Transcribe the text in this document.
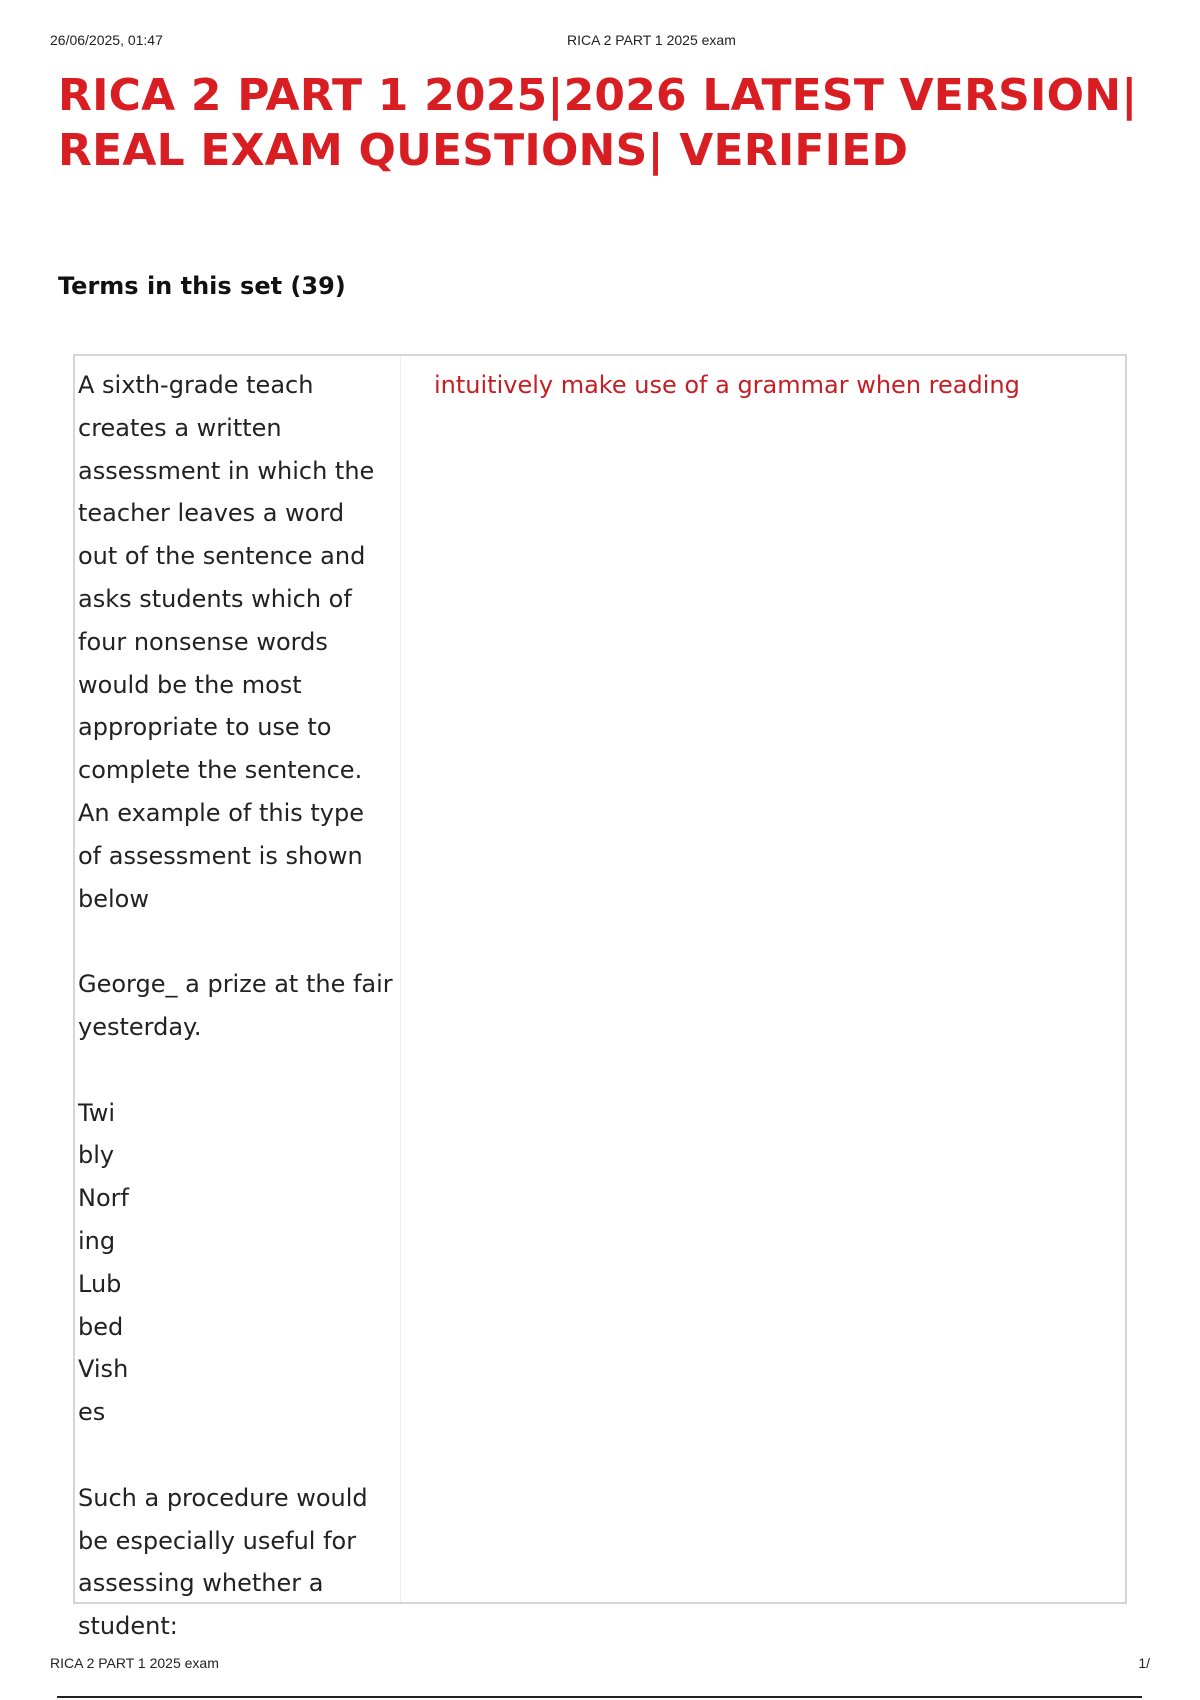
26/06/2025, 01:47	RICA 2 PART 1 2025 exam
RICA 2 PART 1 2025|2026 LATEST VERSION|
REAL EXAM QUESTIONS| VERIFIED
Terms in this set (39)
A sixth-grade teach
creates a written
assessment in which the
teacher leaves a word
out of the sentence and
asks students which of
four nonsense words
would be the most
appropriate to use to
complete the sentence.
An example of this type
of assessment is shown
below

George_ a prize at the fair
yesterday.

Twi
bly
Norf
ing
Lub
bed
Vish
es

Such a procedure would
be especially useful for
assessing whether a
student:
intuitively make use of a grammar when reading
RICA 2 PART 1 2025 exam	1/
